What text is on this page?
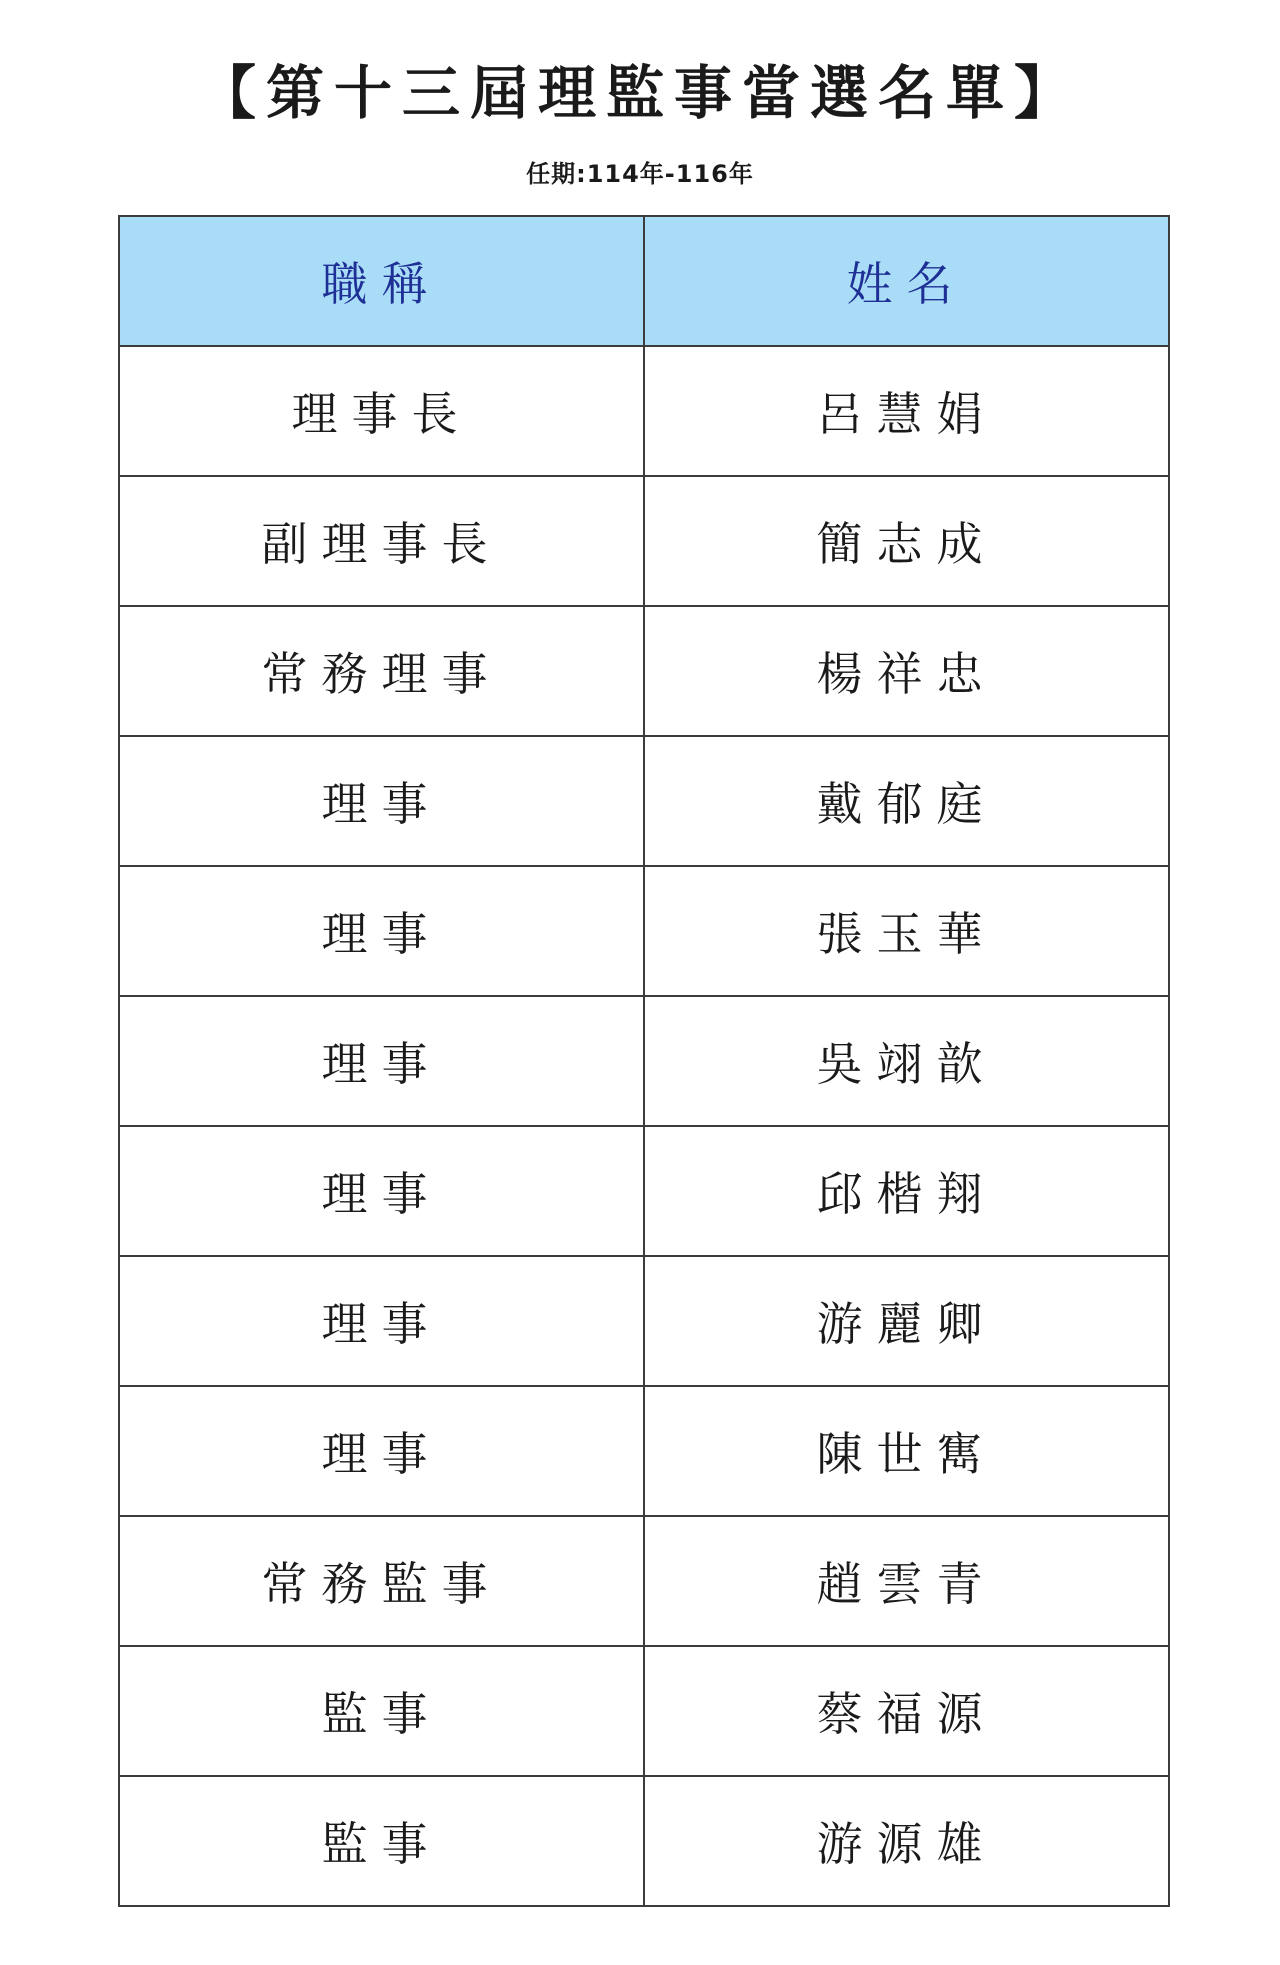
【第十三屆理監事當選名單】
任期:114年-116年
職稱	姓名
理事長	呂慧娟
副理事長	簡志成
常務理事	楊祥忠
理事	戴郁庭
理事	張玉華
理事	吳翊歆
理事	邱楷翔
理事	游麗卿
理事	陳世寯
常務監事	趙雲青
監事	蔡福源
監事	游源雄
